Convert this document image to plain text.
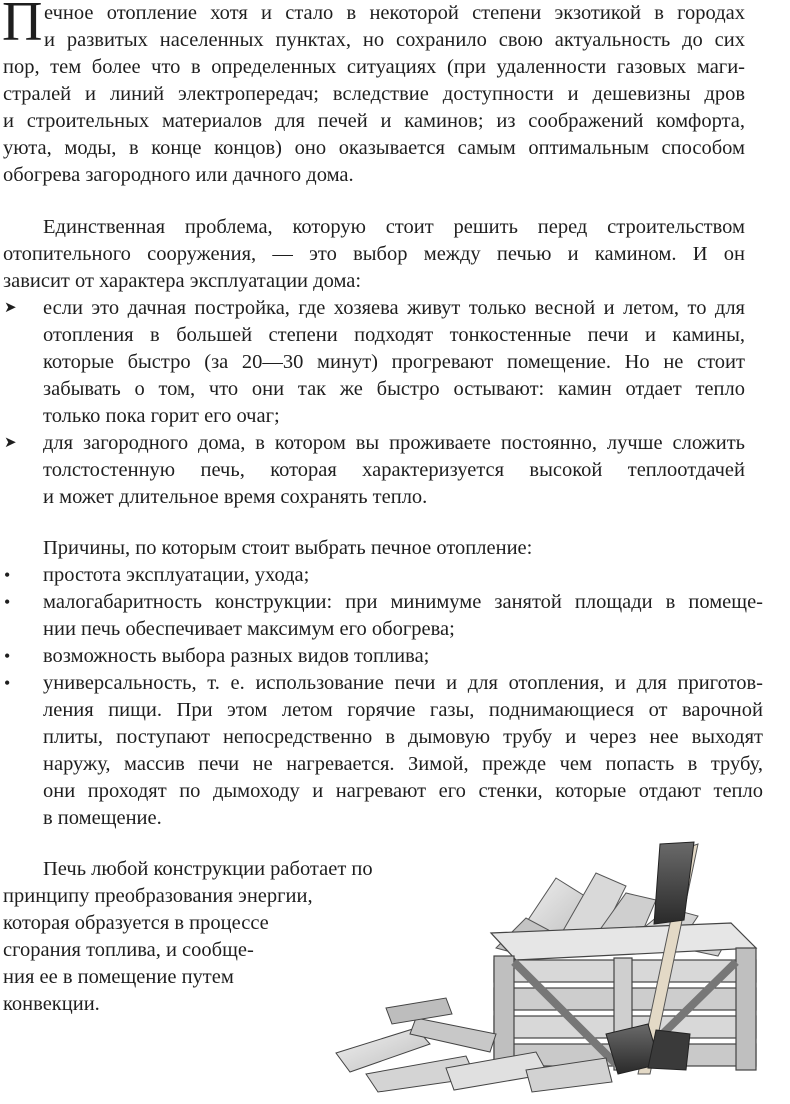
П ечное отопление хотя и стало в некоторой степени экзотикой в городах
и развитых населенных пунктах, но сохранило свою актуальность до сих
пор, тем более что в определенных ситуациях (при удаленности газовых маги-
стралей и линий электропередач; вследствие доступности и дешевизны дров
и строительных материалов для печей и каминов; из соображений комфорта,
уюта, моды, в конце концов) оно оказывается самым оптимальным способом
обогрева загородного или дачного дома.
Единственная проблема, которую стоит решить перед строительством
отопительного сооружения, — это выбор между печью и камином. И он
зависит от характера эксплуатации дома:
➤ если это дачная постройка, где хозяева живут только весной и летом, то для
отопления в большей степени подходят тонкостенные печи и камины,
которые быстро (за 20—30 минут) прогревают помещение. Но не стоит
забывать о том, что они так же быстро остывают: камин отдает тепло
только пока горит его очаг;
➤ для загородного дома, в котором вы проживаете постоянно, лучше сложить
толстостенную печь, которая характеризуется высокой теплоотдачей
и может длительное время сохранять тепло.
Причины, по которым стоит выбрать печное отопление:
• простота эксплуатации, ухода;
• малогабаритность конструкции: при минимуме занятой площади в помеще-
нии печь обеспечивает максимум его обогрева;
• возможность выбора разных видов топлива;
• универсальность, т. е. использование печи и для отопления, и для приготов-
ления пищи. При этом летом горячие газы, поднимающиеся от варочной
плиты, поступают непосредственно в дымовую трубу и через нее выходят
наружу, массив печи не нагревается. Зимой, прежде чем попасть в трубу,
они проходят по дымоходу и нагревают его стенки, которые отдают тепло
в помещение.
Печь любой конструкции работает по
принципу преобразования энергии,
которая образуется в процессе
сгорания топлива, и сообще-
ния ее в помещение путем
конвекции.
